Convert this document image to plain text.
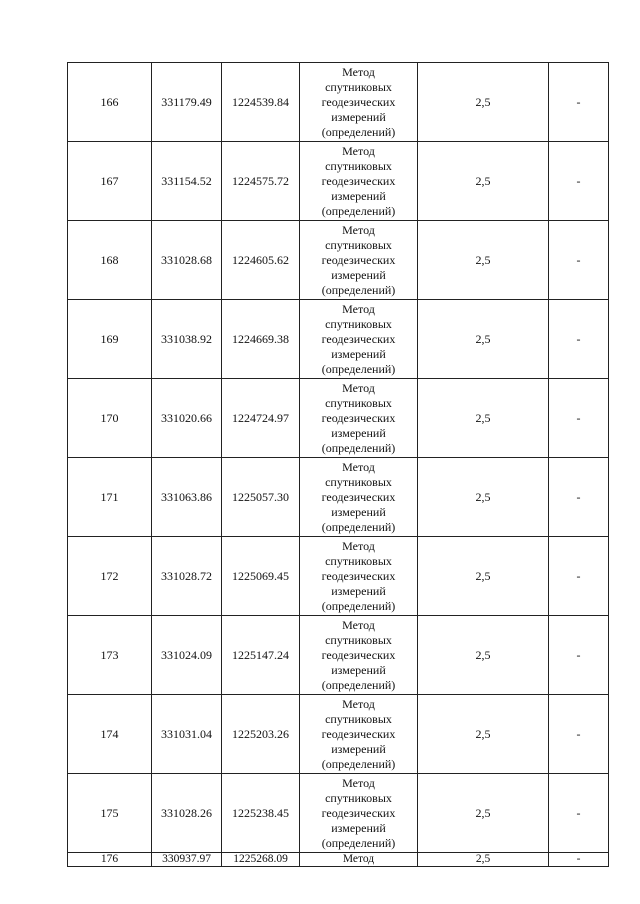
166	331179.49	1224539.84	Метод
спутниковых
геодезических
измерений
(определений)	2,5	-
167	331154.52	1224575.72	Метод
спутниковых
геодезических
измерений
(определений)	2,5	-
168	331028.68	1224605.62	Метод
спутниковых
геодезических
измерений
(определений)	2,5	-
169	331038.92	1224669.38	Метод
спутниковых
геодезических
измерений
(определений)	2,5	-
170	331020.66	1224724.97	Метод
спутниковых
геодезических
измерений
(определений)	2,5	-
171	331063.86	1225057.30	Метод
спутниковых
геодезических
измерений
(определений)	2,5	-
172	331028.72	1225069.45	Метод
спутниковых
геодезических
измерений
(определений)	2,5	-
173	331024.09	1225147.24	Метод
спутниковых
геодезических
измерений
(определений)	2,5	-
174	331031.04	1225203.26	Метод
спутниковых
геодезических
измерений
(определений)	2,5	-
175	331028.26	1225238.45	Метод
спутниковых
геодезических
измерений
(определений)	2,5	-
176	330937.97	1225268.09	Метод	2,5	-
